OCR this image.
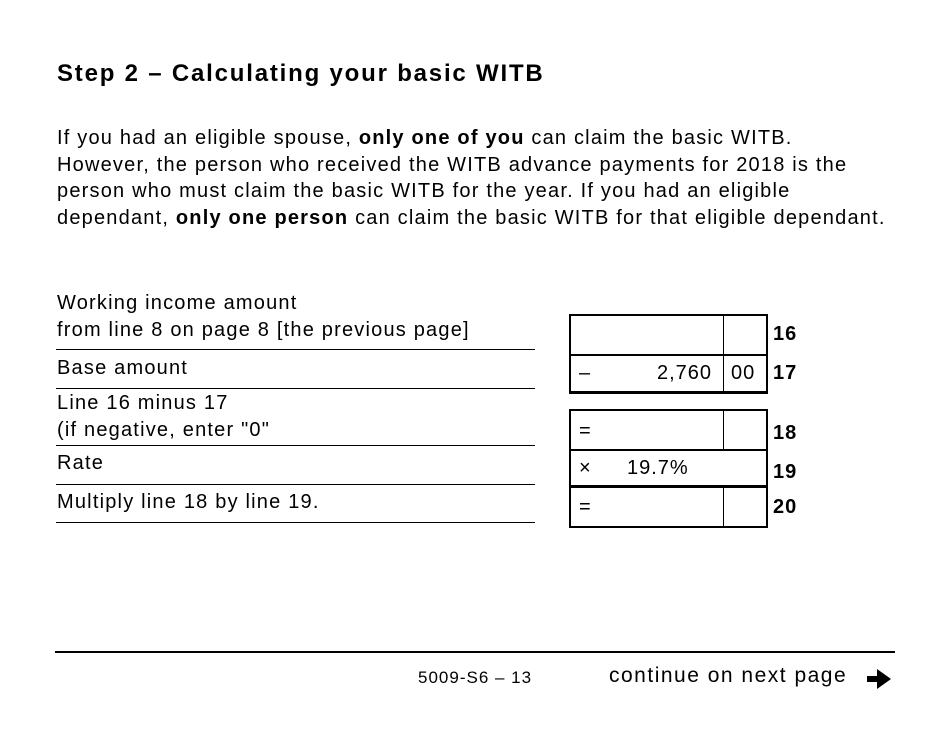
Step 2 – Calculating your basic WITB

If you had an eligible spouse, only one of you can claim the basic WITB. However, the person who received the WITB advance payments for 2018 is the person who must claim the basic WITB for the year. If you had an eligible dependant, only one person can claim the basic WITB for that eligible dependant.

Working income amount
from line 8 on page 8 [the previous page]	16
Base amount	–	2,760 00 17
Line 16 minus 17
(if negative, enter "0"	=	18
Rate	× 19.7%	19
Multiply line 18 by line 19.	=	20
5009-S6 – 13	continue on next page
